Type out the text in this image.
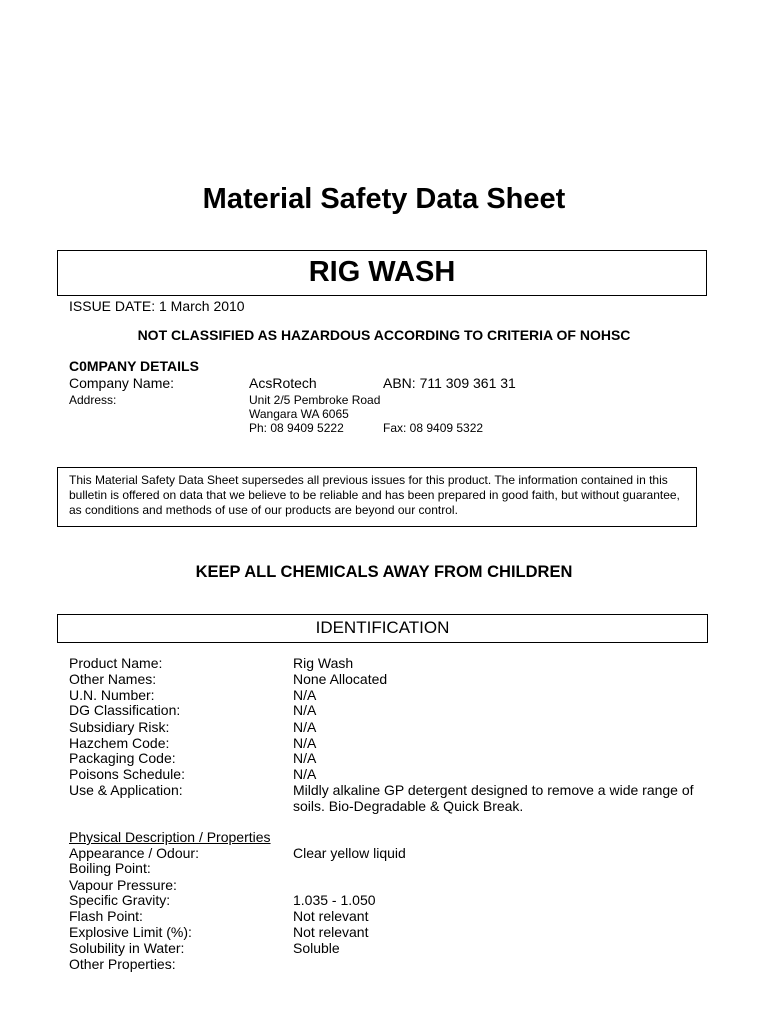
Material Safety Data Sheet
RIG WASH
ISSUE DATE: 1 March 2010
NOT CLASSIFIED AS HAZARDOUS ACCORDING TO CRITERIA OF NOHSC
C0MPANY DETAILS
Company Name:	AcsRotech	ABN: 711 309 361 31
Address:	Unit 2/5 Pembroke Road
Wangara WA 6065
Ph: 08 9409 5222	Fax: 08 9409 5322
This Material Safety Data Sheet supersedes all previous issues for this product. The information contained in this bulletin is offered on data that we believe to be reliable and has been prepared in good faith, but without guarantee, as conditions and methods of use of our products are beyond our control.
KEEP ALL CHEMICALS AWAY FROM CHILDREN
IDENTIFICATION
Product Name:	Rig Wash
Other Names:	None Allocated
U.N. Number:	N/A
DG Classification:	N/A
Subsidiary Risk:	N/A
Hazchem Code:	N/A
Packaging Code:	N/A
Poisons Schedule:	N/A
Use & Application:	Mildly alkaline GP detergent designed to remove a wide range of
soils. Bio-Degradable & Quick Break.
Physical Description / Properties
Appearance / Odour:	Clear yellow liquid
Boiling Point:
Vapour Pressure:
Specific Gravity:	1.035 - 1.050
Flash Point:	Not relevant
Explosive Limit (%):	Not relevant
Solubility in Water:	Soluble
Other Properties:
